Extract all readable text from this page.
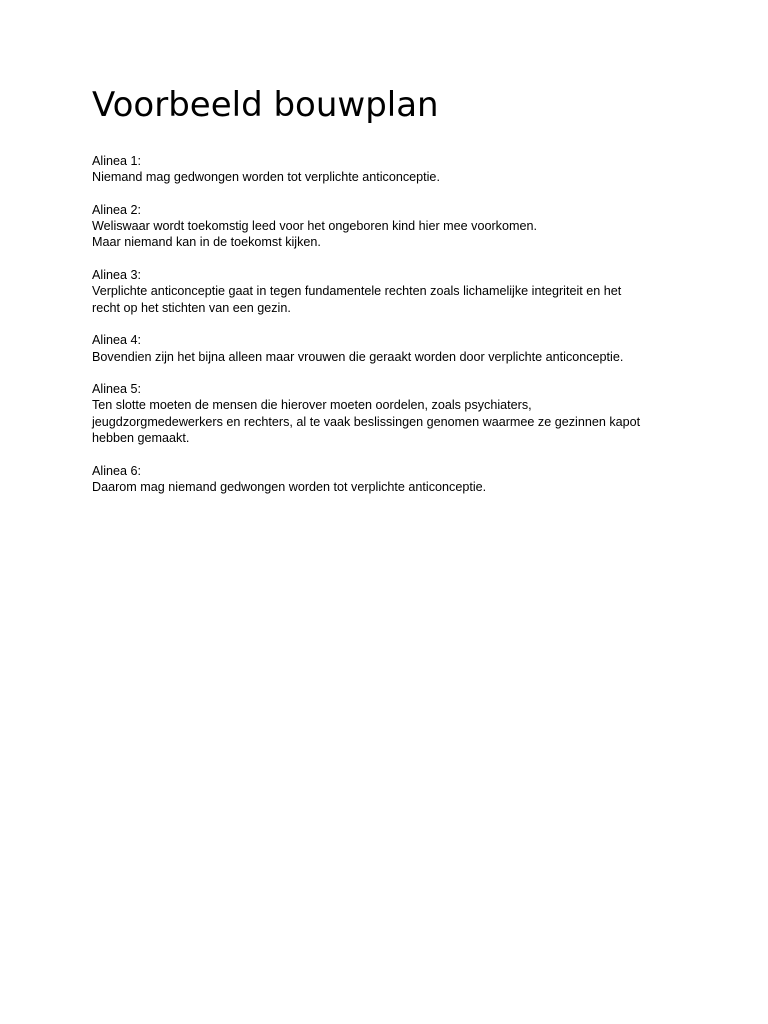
Voorbeeld bouwplan
Alinea 1:
Niemand mag gedwongen worden tot verplichte anticonceptie.
Alinea 2:
Weliswaar wordt toekomstig leed voor het ongeboren kind hier mee voorkomen.
Maar niemand kan in de toekomst kijken.
Alinea 3:
Verplichte anticonceptie gaat in tegen fundamentele rechten zoals lichamelijke integriteit en het
recht op het stichten van een gezin.
Alinea 4:
Bovendien zijn het bijna alleen maar vrouwen die geraakt worden door verplichte anticonceptie.
Alinea 5:
Ten slotte moeten de mensen die hierover moeten oordelen, zoals psychiaters,
jeugdzorgmedewerkers en rechters, al te vaak beslissingen genomen waarmee ze gezinnen kapot
hebben gemaakt.
Alinea 6:
Daarom mag niemand gedwongen worden tot verplichte anticonceptie.
